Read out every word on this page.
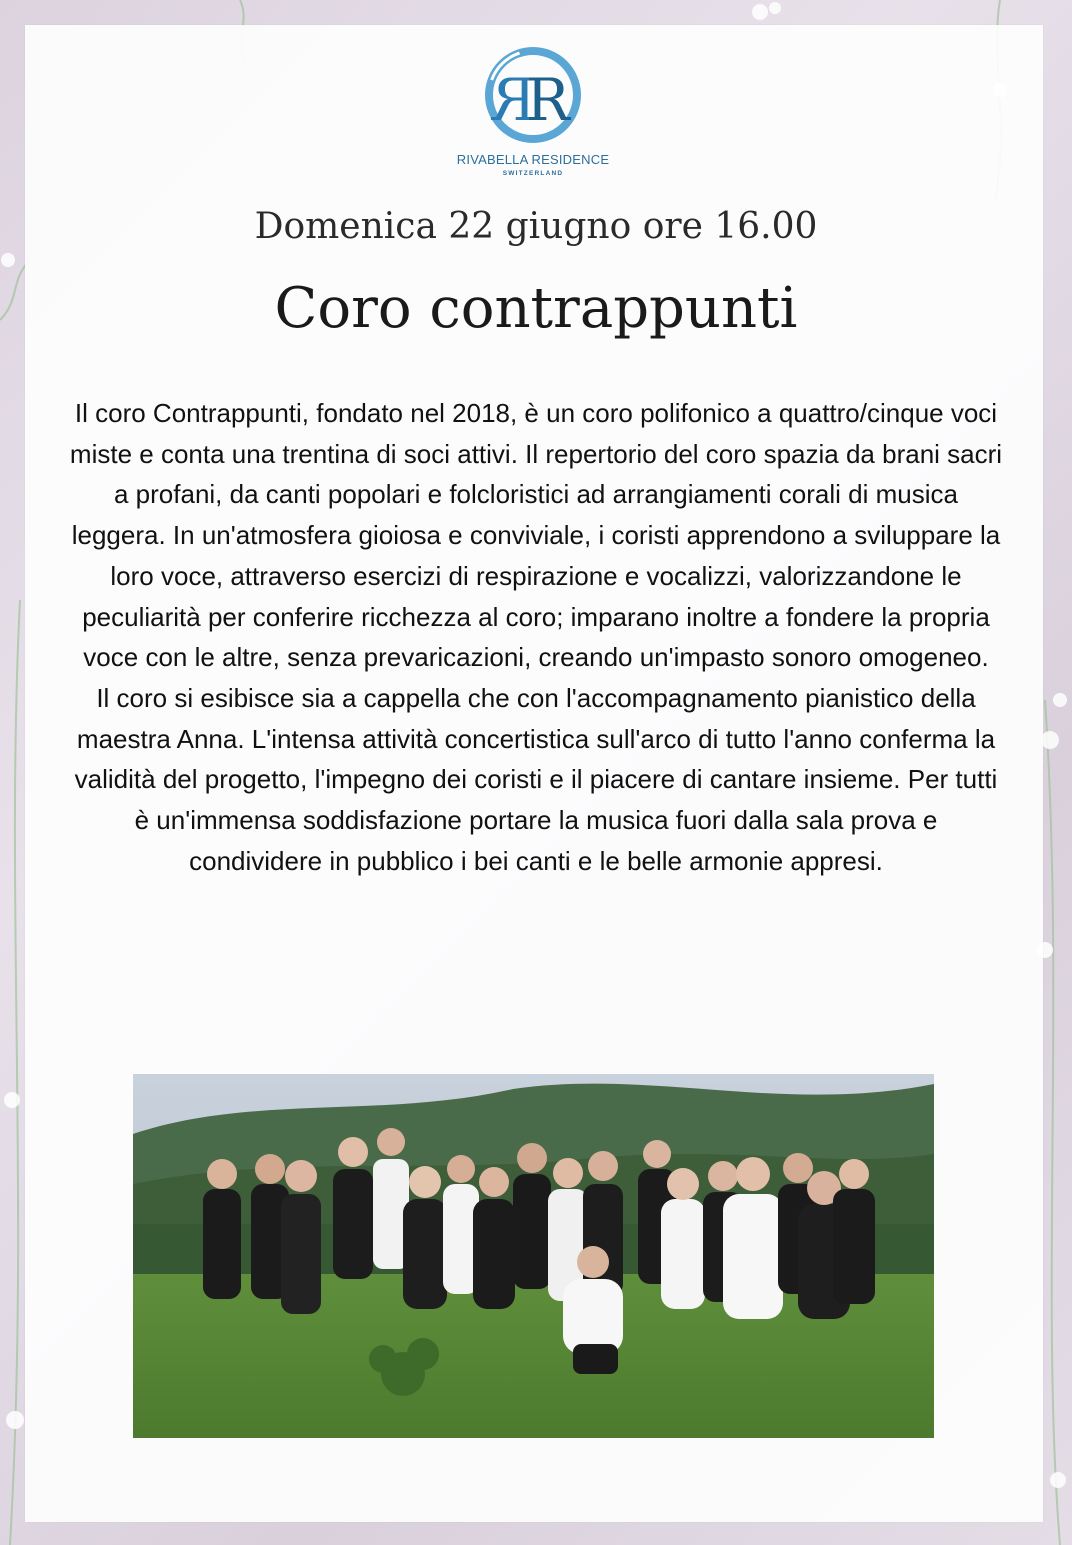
R
R
RIVABELLA RESIDENCE
SWITZERLAND
Domenica 22 giugno ore 16.00
Coro contrappunti

Il coro Contrappunti, fondato nel 2018, è un coro polifonico a quattro/cinque voci miste e conta una trentina di soci attivi. Il repertorio del coro spazia da brani sacri a profani, da canti popolari e folcloristici ad arrangiamenti corali di musica leggera. In un'atmosfera gioiosa e conviviale, i coristi apprendono a sviluppare la loro voce, attraverso esercizi di respirazione e vocalizzi, valorizzandone le peculiarità per conferire ricchezza al coro; imparano inoltre a fondere la propria voce con le altre, senza prevaricazioni, creando un'impasto sonoro omogeneo.

Il coro si esibisce sia a cappella che con l'accompagnamento pianistico della maestra Anna. L'intensa attività concertistica sull'arco di tutto l'anno conferma la validità del progetto, l'impegno dei coristi e il piacere di cantare insieme. Per tutti è un'immensa soddisfazione portare la musica fuori dalla sala prova e condividere in pubblico i bei canti e le belle armonie appresi.
